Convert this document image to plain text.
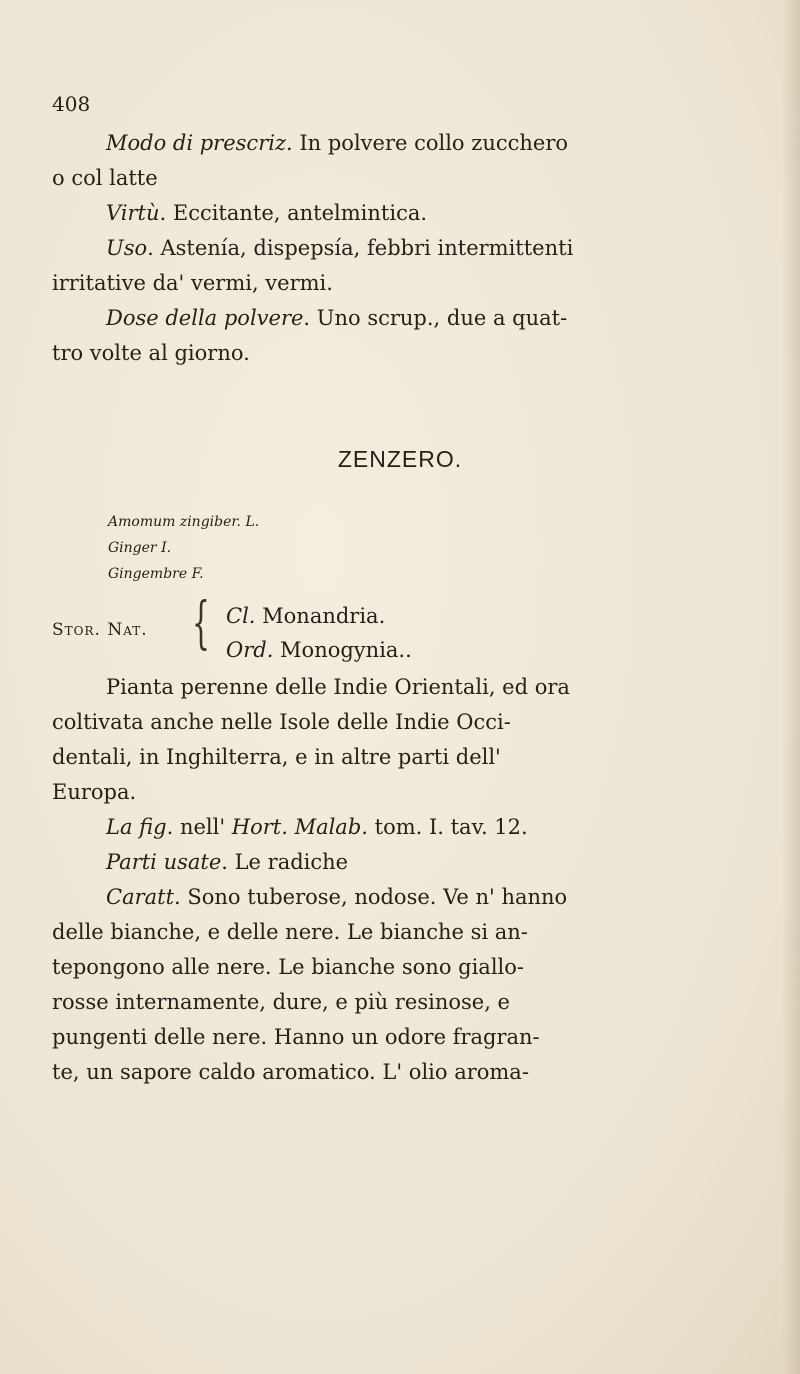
408
Modo di prescriz. In polvere collo zucchero
o col latte
Virtù. Eccitante, antelmintica.
Uso. Astenía, dispepsía, febbri intermittenti
irritative da' vermi, vermi.
Dose della polvere. Uno scrup., due a quat-
tro volte al giorno.
ZENZERO.
Amomum zingiber. L.
Ginger I.
Gingembre F.
Stor. Nat. { Cl. Monandria.
Ord. Monogynia..
Pianta perenne delle Indie Orientali, ed ora
coltivata anche nelle Isole delle Indie Occi-
dentali, in Inghilterra, e in altre parti dell'
Europa.
La fig. nell' Hort. Malab. tom. I. tav. 12.
Parti usate. Le radiche
Caratt. Sono tuberose, nodose. Ve n' hanno
delle bianche, e delle nere. Le bianche si an-
tepongono alle nere. Le bianche sono giallo-
rosse internamente, dure, e più resinose, e
pungenti delle nere. Hanno un odore fragran-
te, un sapore caldo aromatico. L' olio aroma-
